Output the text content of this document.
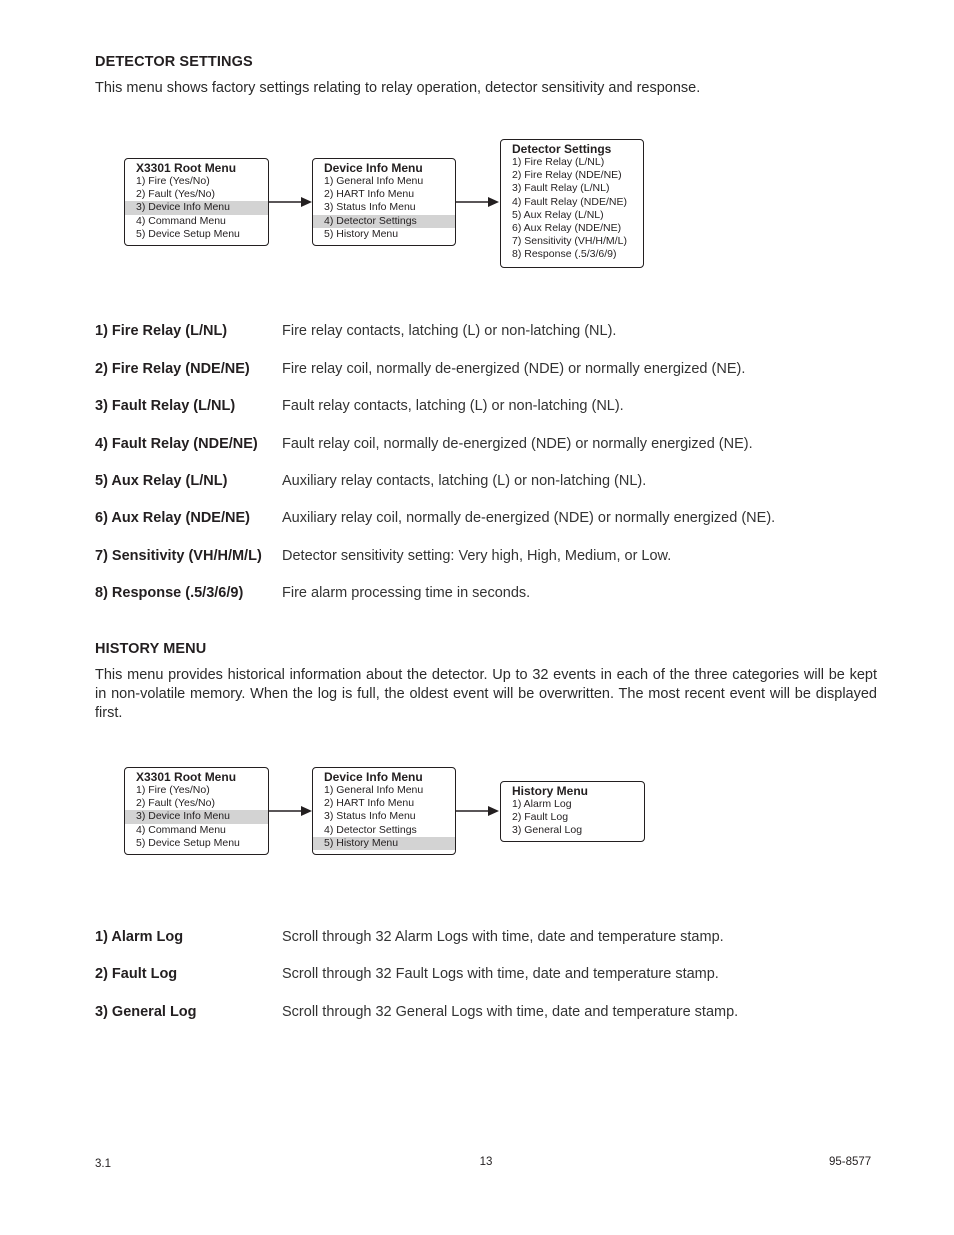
DETECTOR SETTINGS
This menu shows factory settings relating to relay operation, detector sensitivity and response.
X3301 Root Menu
1) Fire (Yes/No)
2) Fault (Yes/No)
3) Device Info Menu
4) Command Menu
5) Device Setup Menu
Device Info Menu
1) General Info Menu
2) HART Info Menu
3) Status Info Menu
4) Detector Settings
5) History Menu
Detector Settings
1) Fire Relay (L/NL)
2) Fire Relay (NDE/NE)
3) Fault Relay (L/NL)
4) Fault Relay (NDE/NE)
5) Aux Relay (L/NL)
6) Aux Relay (NDE/NE)
7) Sensitivity (VH/H/M/L)
8) Response (.5/3/6/9)
1) Fire Relay (L/NL)	Fire relay contacts, latching (L) or non-latching (NL).
2) Fire Relay (NDE/NE) Fire relay coil, normally de-energized (NDE) or normally energized (NE).
3) Fault Relay (L/NL)	Fault relay contacts, latching (L) or non-latching (NL).
4) Fault Relay (NDE/NE) Fault relay coil, normally de-energized (NDE) or normally energized (NE).
5) Aux Relay (L/NL)	Auxiliary relay contacts, latching (L) or non-latching (NL).
6) Aux Relay (NDE/NE) Auxiliary relay coil, normally de-energized (NDE) or normally energized (NE).
7) Sensitivity (VH/H/M/L) Detector sensitivity setting: Very high, High, Medium, or Low.
8) Response (.5/3/6/9)	Fire alarm processing time in seconds.
HISTORY MENU
This menu provides historical information about the detector. Up to 32 events in each of the three categories will be kept in non-volatile memory. When the log is full, the oldest event will be overwritten. The most recent event will be displayed first.
X3301 Root Menu
1) Fire (Yes/No)
2) Fault (Yes/No)
3) Device Info Menu
4) Command Menu
5) Device Setup Menu
Device Info Menu
1) General Info Menu
2) HART Info Menu
3) Status Info Menu
4) Detector Settings
5) History Menu
History Menu
1) Alarm Log
2) Fault Log
3) General Log
1) Alarm Log	Scroll through 32 Alarm Logs with time, date and temperature stamp.
2) Fault Log	Scroll through 32 Fault Logs with time, date and temperature stamp.
3) General Log	Scroll through 32 General Logs with time, date and temperature stamp.
3.1	13	95-8577
